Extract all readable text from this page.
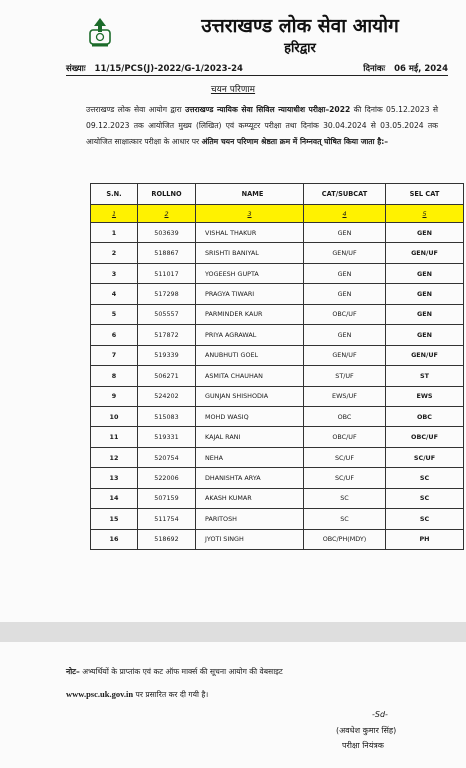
उत्तराखण्ड लोक सेवा आयोग
हरिद्वार
संख्याः 11/15/PCS(J)-2022/G-1/2023-24	दिनांकः 06 मई, 2024
चयन परिणाम
उत्तराखण्ड लोक सेवा आयोग द्वारा उत्तराखण्ड न्यायिक सेवा सिविल न्यायाधीश परीक्षा–2022 की दिनांक 05.12.2023 से 09.12.2023 तक आयोजित मुख्य (लिखित) एवं कम्प्यूटर परीक्षा तथा दिनांक 30.04.2024 से 03.05.2024 तक आयोजित साक्षात्कार परीक्षा के आधार पर अंतिम चयन परिणाम श्रेष्ठता क्रम में निम्नवत् घोषित किया जाता है:–
S.N.	ROLLNO	NAME	CAT/SUBCAT	SEL CAT
1	2	3	4	5
1	503639	VISHAL THAKUR	GEN	GEN
2	518867	SRISHTI BANIYAL	GEN/UF	GEN/UF
3	511017	YOGEESH GUPTA	GEN	GEN
4	517298	PRAGYA TIWARI	GEN	GEN
5	505557	PARMINDER KAUR	OBC/UF	GEN
6	517872	PRIYA AGRAWAL	GEN	GEN
7	519339	ANUBHUTI GOEL	GEN/UF	GEN/UF
8	506271	ASMITA CHAUHAN	ST/UF	ST
9	524202	GUNJAN SHISHODIA	EWS/UF	EWS
10	515083	MOHD WASIQ	OBC	OBC
11	519331	KAJAL RANI	OBC/UF	OBC/UF
12	520754	NEHA	SC/UF	SC/UF
13	522006	DHANISHTA ARYA	SC/UF	SC
14	507159	AKASH KUMAR	SC	SC
15	511754	PARITOSH	SC	SC
16	518692	JYOTI SINGH	OBC/PH(MDY)	PH
नोट– अभ्यर्थियों के प्राप्तांक एवं कट ऑफ मार्क्स की सूचना आयोग की वेबसाइट
www.psc.uk.gov.in पर प्रसारित कर दी गयी है।
-Sd-
(अवधेश कुमार सिंह)
परीक्षा नियंत्रक
